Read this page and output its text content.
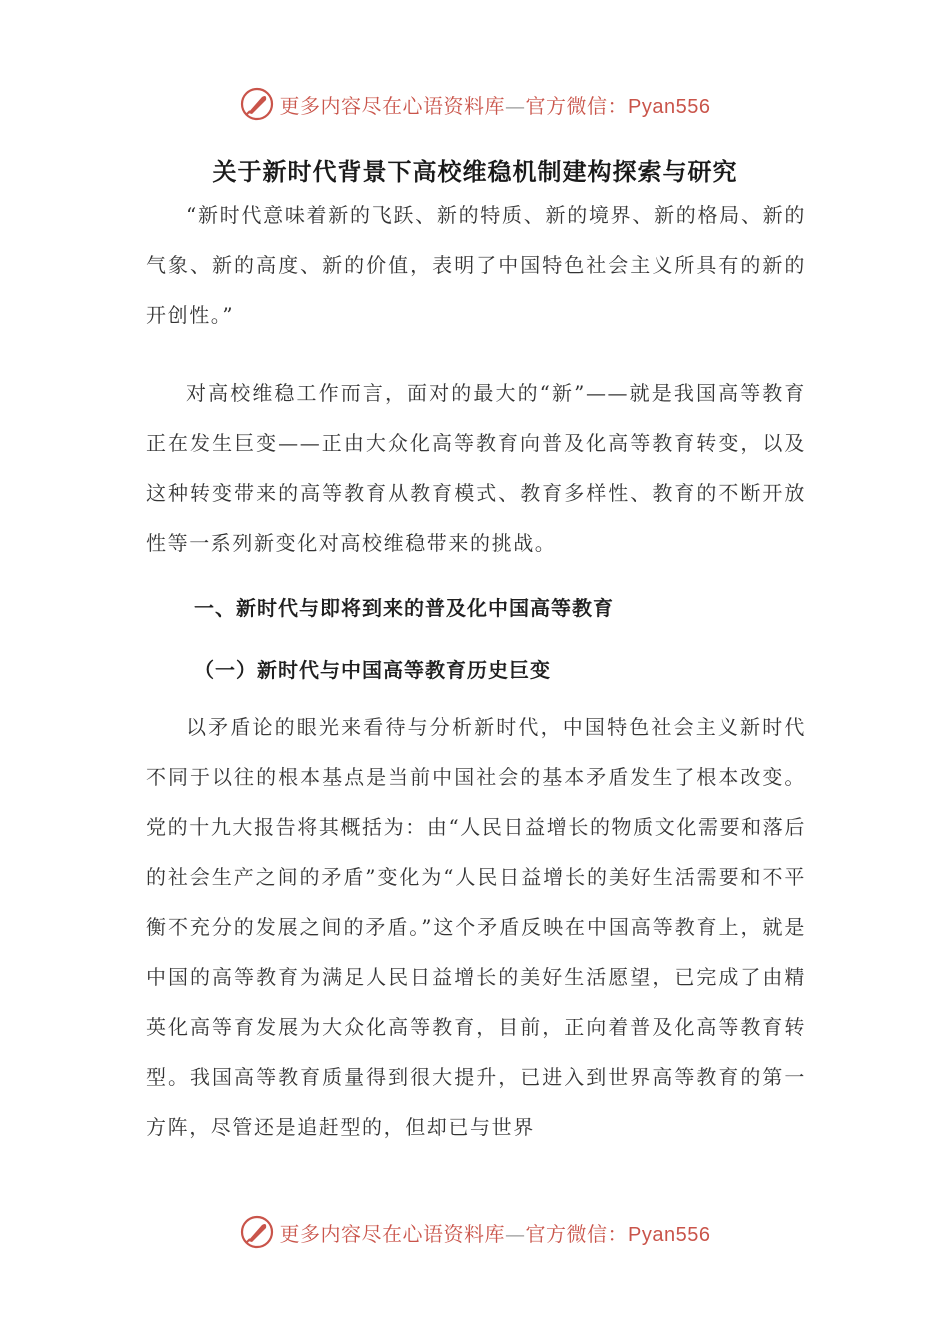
更多内容尽在心语资料库—官方微信：Pyan556
关于新时代背景下高校维稳机制建构探索与研究

“新时代意味着新的飞跃、新的特质、新的境界、新的格局、新的气象、新的高度、新的价值，表明了中国特色社会主义所具有的新的开创性。”

对高校维稳工作而言，面对的最大的“新”——就是我国高等教育正在发生巨变——正由大众化高等教育向普及化高等教育转变，以及这种转变带来的高等教育从教育模式、教育多样性、教育的不断开放性等一系列新变化对高校维稳带来的挑战。

一、新时代与即将到来的普及化中国高等教育
（一）新时代与中国高等教育历史巨变

以矛盾论的眼光来看待与分析新时代，中国特色社会主义新时代不同于以往的根本基点是当前中国社会的基本矛盾发生了根本改变。党的十九大报告将其概括为：由“人民日益增长的物质文化需要和落后的社会生产之间的矛盾”变化为“人民日益增长的美好生活需要和不平衡不充分的发展之间的矛盾。”这个矛盾反映在中国高等教育上，就是中国的高等教育为满足人民日益增长的美好生活愿望，已完成了由精英化高等育发展为大众化高等教育，目前，正向着普及化高等教育转型。我国高等教育质量得到很大提升，已进入到世界高等教育的第一方阵，尽管还是追赶型的，但却已与世界

更多内容尽在心语资料库—官方微信：Pyan556
